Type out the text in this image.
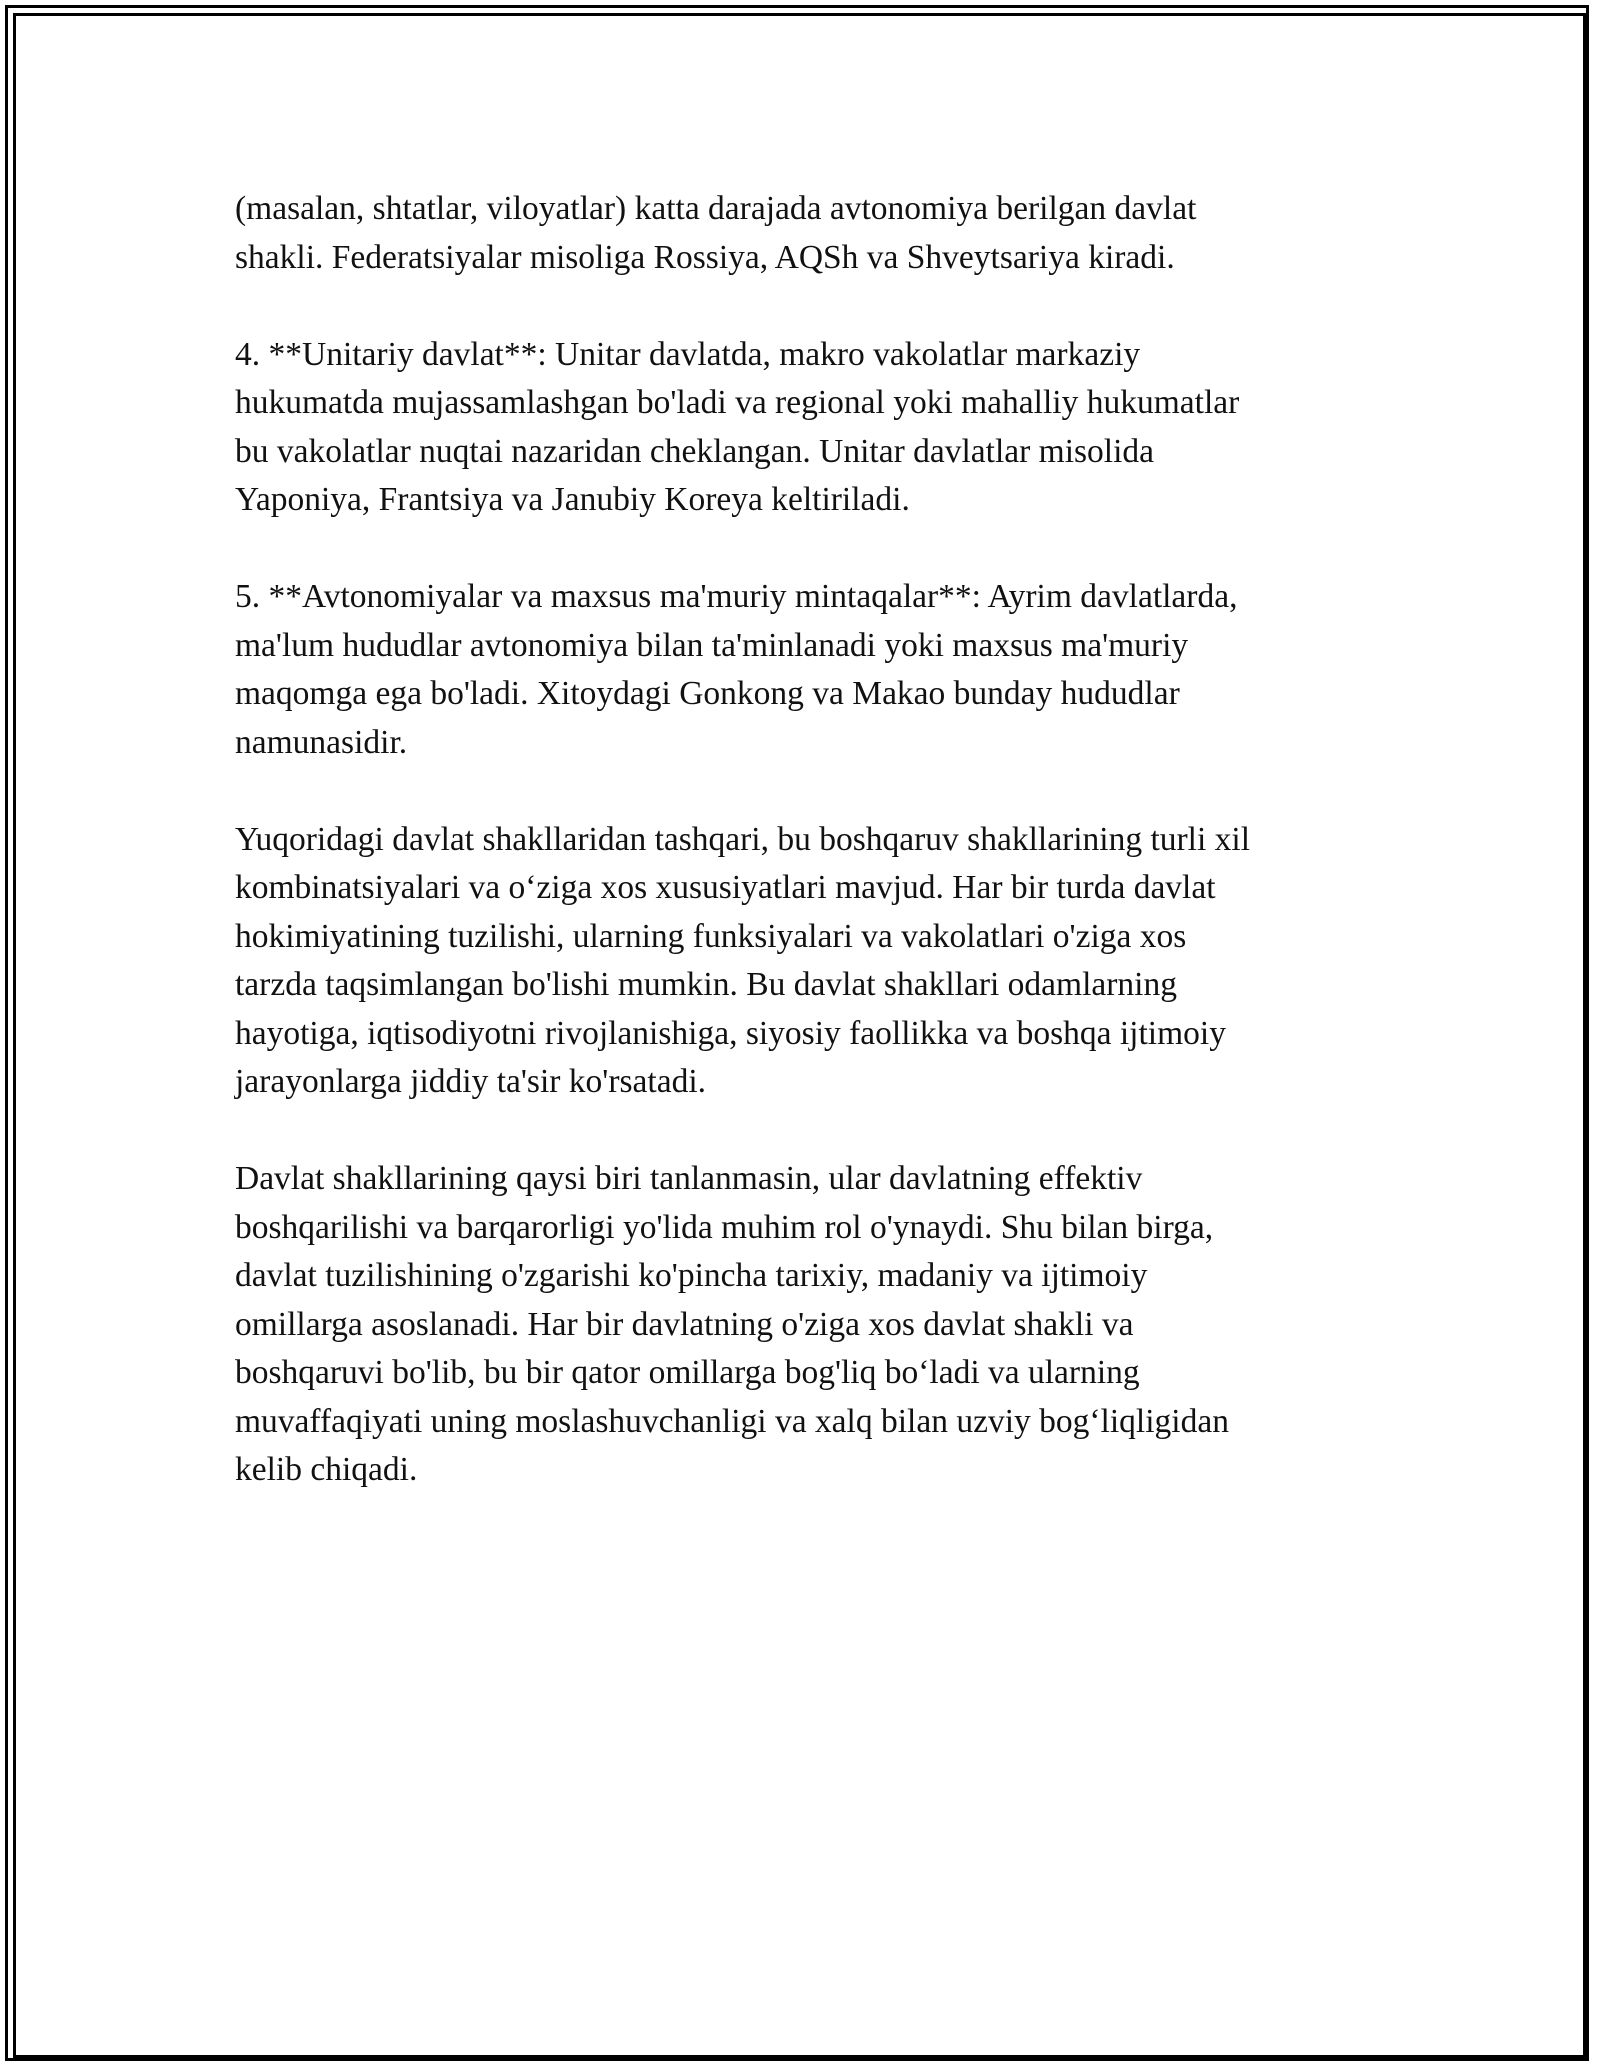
(masalan, shtatlar, viloyatlar) katta darajada avtonomiya berilgan davlat
shakli. Federatsiyalar misoliga Rossiya, AQSh va Shveytsariya kiradi.

4. **Unitariy davlat**: Unitar davlatda, makro vakolatlar markaziy
hukumatda mujassamlashgan bo'ladi va regional yoki mahalliy hukumatlar
bu vakolatlar nuqtai nazaridan cheklangan. Unitar davlatlar misolida
Yaponiya, Frantsiya va Janubiy Koreya keltiriladi.

5. **Avtonomiyalar va maxsus ma'muriy mintaqalar**: Ayrim davlatlarda,
ma'lum hududlar avtonomiya bilan ta'minlanadi yoki maxsus ma'muriy
maqomga ega bo'ladi. Xitoydagi Gonkong va Makao bunday hududlar
namunasidir.

Yuqoridagi davlat shakllaridan tashqari, bu boshqaruv shakllarining turli xil
kombinatsiyalari va o‘ziga xos xususiyatlari mavjud. Har bir turda davlat
hokimiyatining tuzilishi, ularning funksiyalari va vakolatlari o'ziga xos
tarzda taqsimlangan bo'lishi mumkin. Bu davlat shakllari odamlarning
hayotiga, iqtisodiyotni rivojlanishiga, siyosiy faollikka va boshqa ijtimoiy
jarayonlarga jiddiy ta'sir ko'rsatadi.

Davlat shakllarining qaysi biri tanlanmasin, ular davlatning effektiv
boshqarilishi va barqarorligi yo'lida muhim rol o'ynaydi. Shu bilan birga,
davlat tuzilishining o'zgarishi ko'pincha tarixiy, madaniy va ijtimoiy
omillarga asoslanadi. Har bir davlatning o'ziga xos davlat shakli va
boshqaruvi bo'lib, bu bir qator omillarga bog'liq bo‘ladi va ularning
muvaffaqiyati uning moslashuvchanligi va xalq bilan uzviy bog‘liqligidan
kelib chiqadi.
